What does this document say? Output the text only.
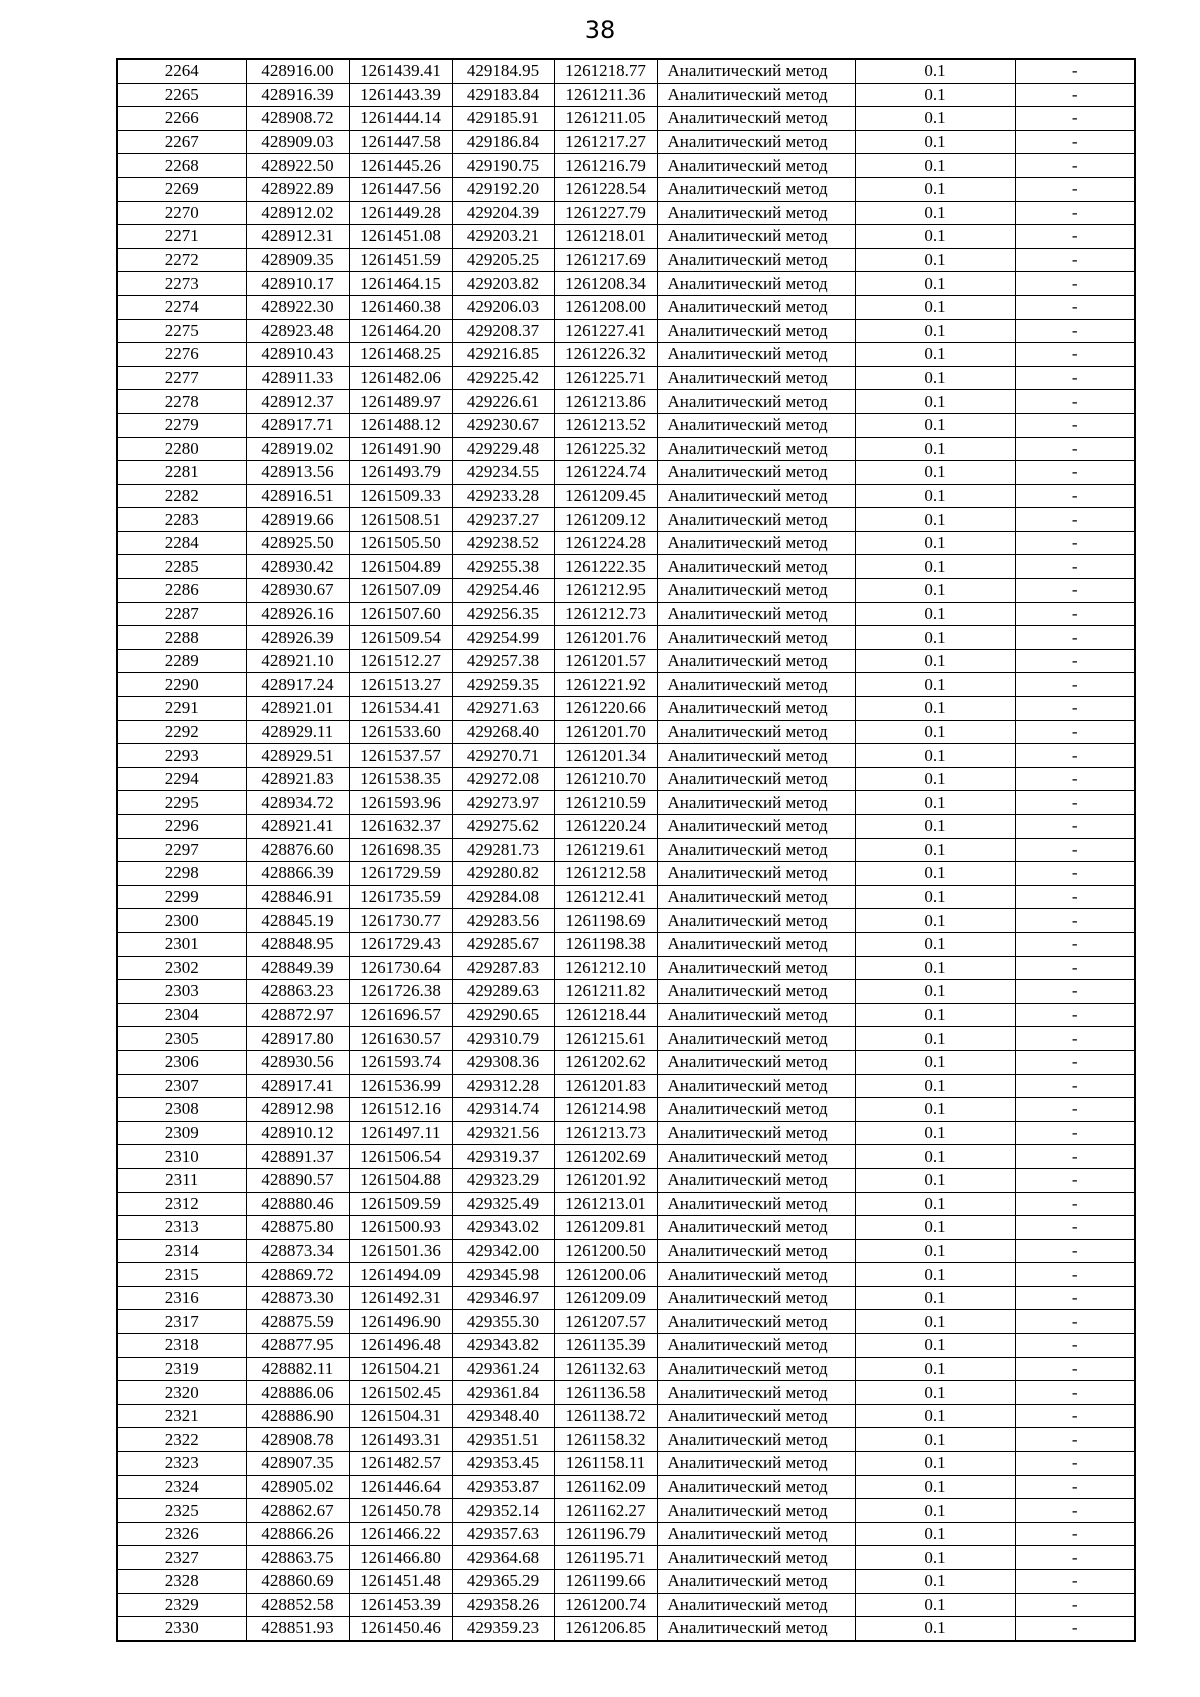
38
2264	428916.00	1261439.41	429184.95	1261218.77	Аналитический метод	0.1	-
2265	428916.39	1261443.39	429183.84	1261211.36	Аналитический метод	0.1	-
2266	428908.72	1261444.14	429185.91	1261211.05	Аналитический метод	0.1	-
2267	428909.03	1261447.58	429186.84	1261217.27	Аналитический метод	0.1	-
2268	428922.50	1261445.26	429190.75	1261216.79	Аналитический метод	0.1	-
2269	428922.89	1261447.56	429192.20	1261228.54	Аналитический метод	0.1	-
2270	428912.02	1261449.28	429204.39	1261227.79	Аналитический метод	0.1	-
2271	428912.31	1261451.08	429203.21	1261218.01	Аналитический метод	0.1	-
2272	428909.35	1261451.59	429205.25	1261217.69	Аналитический метод	0.1	-
2273	428910.17	1261464.15	429203.82	1261208.34	Аналитический метод	0.1	-
2274	428922.30	1261460.38	429206.03	1261208.00	Аналитический метод	0.1	-
2275	428923.48	1261464.20	429208.37	1261227.41	Аналитический метод	0.1	-
2276	428910.43	1261468.25	429216.85	1261226.32	Аналитический метод	0.1	-
2277	428911.33	1261482.06	429225.42	1261225.71	Аналитический метод	0.1	-
2278	428912.37	1261489.97	429226.61	1261213.86	Аналитический метод	0.1	-
2279	428917.71	1261488.12	429230.67	1261213.52	Аналитический метод	0.1	-
2280	428919.02	1261491.90	429229.48	1261225.32	Аналитический метод	0.1	-
2281	428913.56	1261493.79	429234.55	1261224.74	Аналитический метод	0.1	-
2282	428916.51	1261509.33	429233.28	1261209.45	Аналитический метод	0.1	-
2283	428919.66	1261508.51	429237.27	1261209.12	Аналитический метод	0.1	-
2284	428925.50	1261505.50	429238.52	1261224.28	Аналитический метод	0.1	-
2285	428930.42	1261504.89	429255.38	1261222.35	Аналитический метод	0.1	-
2286	428930.67	1261507.09	429254.46	1261212.95	Аналитический метод	0.1	-
2287	428926.16	1261507.60	429256.35	1261212.73	Аналитический метод	0.1	-
2288	428926.39	1261509.54	429254.99	1261201.76	Аналитический метод	0.1	-
2289	428921.10	1261512.27	429257.38	1261201.57	Аналитический метод	0.1	-
2290	428917.24	1261513.27	429259.35	1261221.92	Аналитический метод	0.1	-
2291	428921.01	1261534.41	429271.63	1261220.66	Аналитический метод	0.1	-
2292	428929.11	1261533.60	429268.40	1261201.70	Аналитический метод	0.1	-
2293	428929.51	1261537.57	429270.71	1261201.34	Аналитический метод	0.1	-
2294	428921.83	1261538.35	429272.08	1261210.70	Аналитический метод	0.1	-
2295	428934.72	1261593.96	429273.97	1261210.59	Аналитический метод	0.1	-
2296	428921.41	1261632.37	429275.62	1261220.24	Аналитический метод	0.1	-
2297	428876.60	1261698.35	429281.73	1261219.61	Аналитический метод	0.1	-
2298	428866.39	1261729.59	429280.82	1261212.58	Аналитический метод	0.1	-
2299	428846.91	1261735.59	429284.08	1261212.41	Аналитический метод	0.1	-
2300	428845.19	1261730.77	429283.56	1261198.69	Аналитический метод	0.1	-
2301	428848.95	1261729.43	429285.67	1261198.38	Аналитический метод	0.1	-
2302	428849.39	1261730.64	429287.83	1261212.10	Аналитический метод	0.1	-
2303	428863.23	1261726.38	429289.63	1261211.82	Аналитический метод	0.1	-
2304	428872.97	1261696.57	429290.65	1261218.44	Аналитический метод	0.1	-
2305	428917.80	1261630.57	429310.79	1261215.61	Аналитический метод	0.1	-
2306	428930.56	1261593.74	429308.36	1261202.62	Аналитический метод	0.1	-
2307	428917.41	1261536.99	429312.28	1261201.83	Аналитический метод	0.1	-
2308	428912.98	1261512.16	429314.74	1261214.98	Аналитический метод	0.1	-
2309	428910.12	1261497.11	429321.56	1261213.73	Аналитический метод	0.1	-
2310	428891.37	1261506.54	429319.37	1261202.69	Аналитический метод	0.1	-
2311	428890.57	1261504.88	429323.29	1261201.92	Аналитический метод	0.1	-
2312	428880.46	1261509.59	429325.49	1261213.01	Аналитический метод	0.1	-
2313	428875.80	1261500.93	429343.02	1261209.81	Аналитический метод	0.1	-
2314	428873.34	1261501.36	429342.00	1261200.50	Аналитический метод	0.1	-
2315	428869.72	1261494.09	429345.98	1261200.06	Аналитический метод	0.1	-
2316	428873.30	1261492.31	429346.97	1261209.09	Аналитический метод	0.1	-
2317	428875.59	1261496.90	429355.30	1261207.57	Аналитический метод	0.1	-
2318	428877.95	1261496.48	429343.82	1261135.39	Аналитический метод	0.1	-
2319	428882.11	1261504.21	429361.24	1261132.63	Аналитический метод	0.1	-
2320	428886.06	1261502.45	429361.84	1261136.58	Аналитический метод	0.1	-
2321	428886.90	1261504.31	429348.40	1261138.72	Аналитический метод	0.1	-
2322	428908.78	1261493.31	429351.51	1261158.32	Аналитический метод	0.1	-
2323	428907.35	1261482.57	429353.45	1261158.11	Аналитический метод	0.1	-
2324	428905.02	1261446.64	429353.87	1261162.09	Аналитический метод	0.1	-
2325	428862.67	1261450.78	429352.14	1261162.27	Аналитический метод	0.1	-
2326	428866.26	1261466.22	429357.63	1261196.79	Аналитический метод	0.1	-
2327	428863.75	1261466.80	429364.68	1261195.71	Аналитический метод	0.1	-
2328	428860.69	1261451.48	429365.29	1261199.66	Аналитический метод	0.1	-
2329	428852.58	1261453.39	429358.26	1261200.74	Аналитический метод	0.1	-
2330	428851.93	1261450.46	429359.23	1261206.85	Аналитический метод	0.1	-
